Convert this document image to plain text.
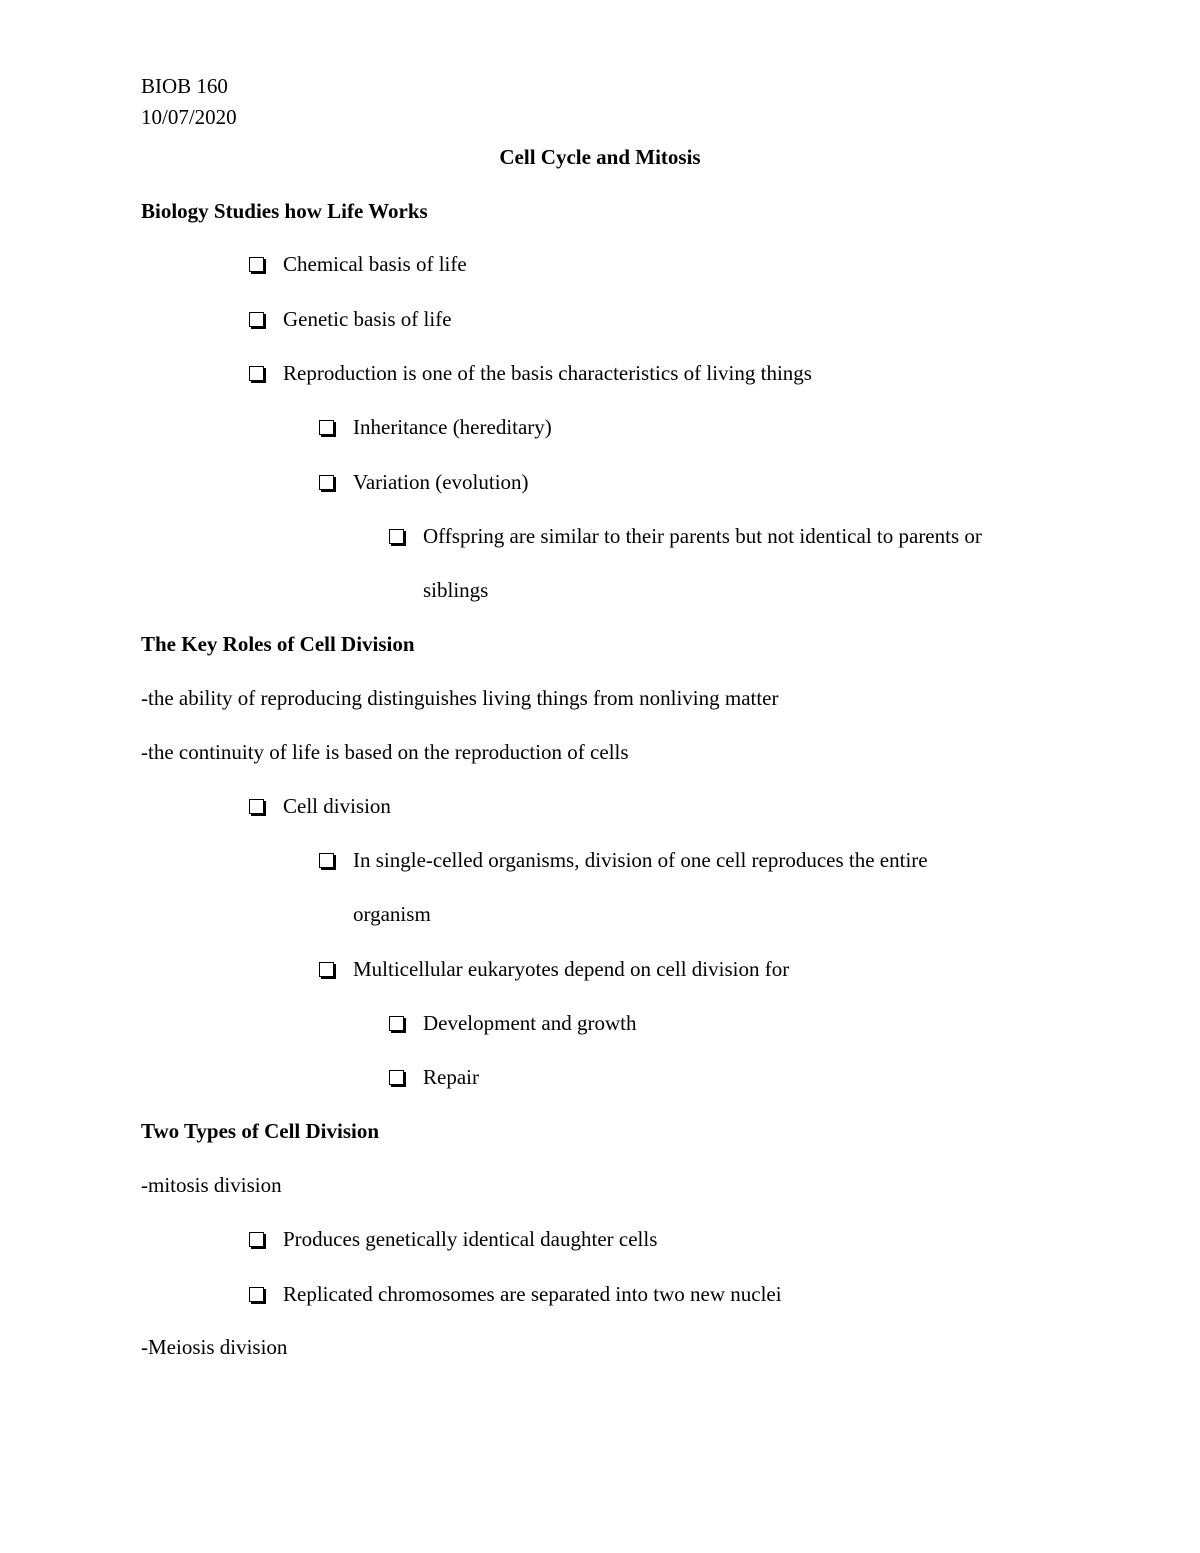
BIOB 160
10/07/2020
Cell Cycle and Mitosis
Biology Studies how Life Works
Chemical basis of life
Genetic basis of life
Reproduction is one of the basis characteristics of living things
Inheritance (hereditary)
Variation (evolution)
Offspring are similar to their parents but not identical to parents or
siblings
The Key Roles of Cell Division
-the ability of reproducing distinguishes living things from nonliving matter
-the continuity of life is based on the reproduction of cells
Cell division
In single-celled organisms, division of one cell reproduces the entire
organism
Multicellular eukaryotes depend on cell division for
Development and growth
Repair
Two Types of Cell Division
-mitosis division
Produces genetically identical daughter cells
Replicated chromosomes are separated into two new nuclei
-Meiosis division
